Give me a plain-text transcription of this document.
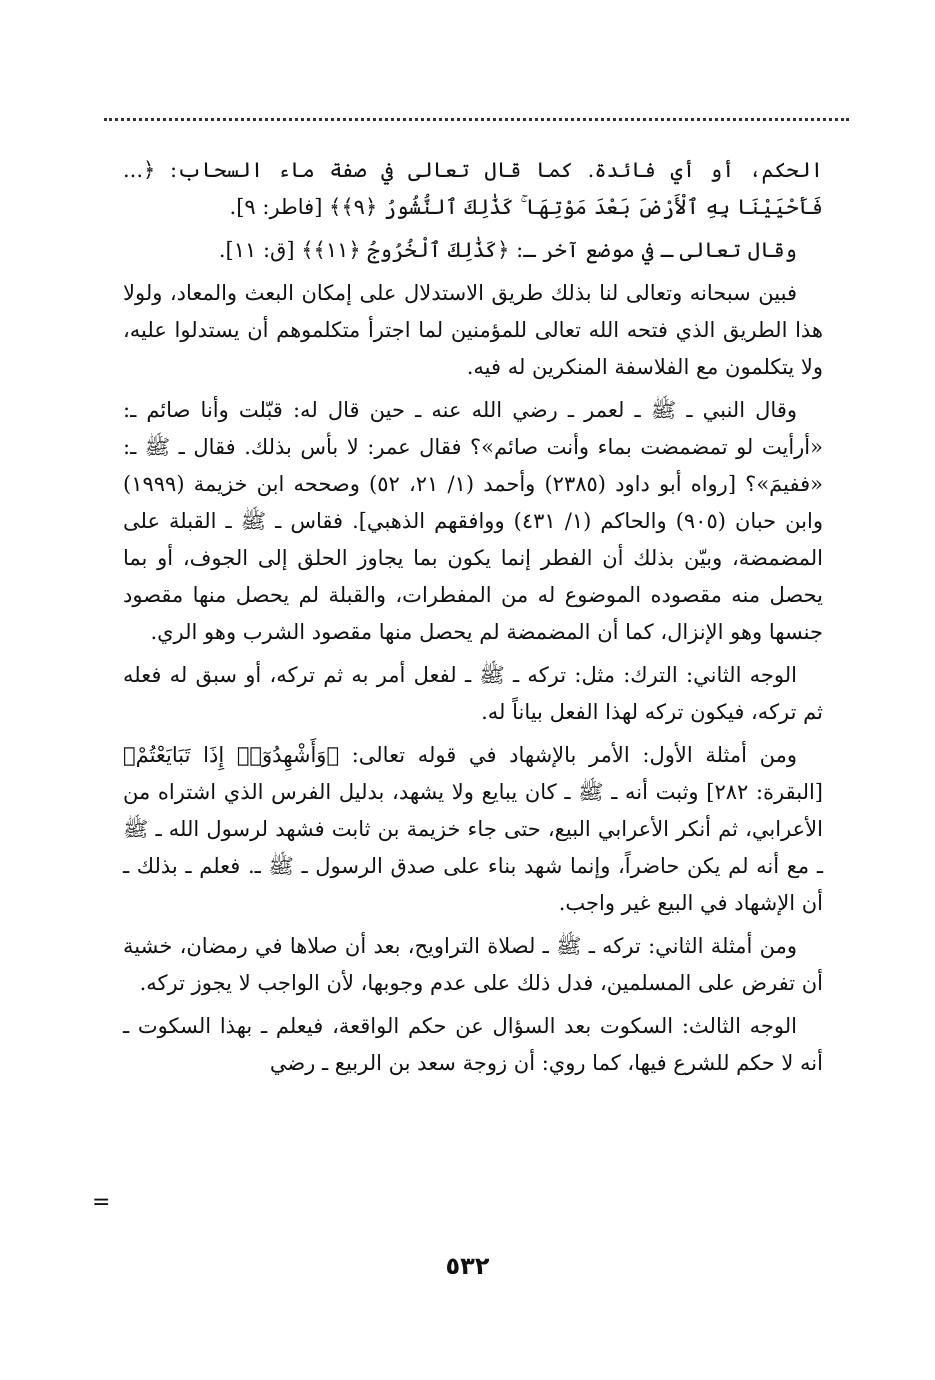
الحكم، أو أي فائدة. كما قال تعالى في صفة ماء السحاب: ﴿... فَأَحْيَيْنَا بِهِ ٱلْأَرْضَ بَعْدَ مَوْتِهَا ۚ كَذَٰلِكَ ٱلنُّشُورُ ﴿٩﴾﴾ [فاطر: ٩].

وقال تعالى ـ في موضع آخر ـ: ﴿كَذَٰلِكَ ٱلْخُرُوجُ ﴿١١﴾﴾ [ق: ١١].

فبين سبحانه وتعالى لنا بذلك طريق الاستدلال على إمكان البعث والمعاد، ولولا هذا الطريق الذي فتحه الله تعالى للمؤمنين لما اجترأ متكلموهم أن يستدلوا عليه، ولا يتكلمون مع الفلاسفة المنكرين له فيه.

وقال النبي ـ ﷺ ـ لعمر ـ رضي الله عنه ـ حين قال له: قبّلت وأنا صائم ـ: «أرأيت لو تمضمضت بماء وأنت صائم»؟ فقال عمر: لا بأس بذلك. فقال ـ ﷺ ـ: «ففيمَ»؟ [رواه أبو داود (٢٣٨٥) وأحمد (١/ ٢١، ٥٢) وصححه ابن خزيمة (١٩٩٩) وابن حبان (٩٠٥) والحاكم (١/ ٤٣١) ووافقهم الذهبي]. فقاس ـ ﷺ ـ القبلة على المضمضة، وبيّن بذلك أن الفطر إنما يكون بما يجاوز الحلق إلى الجوف، أو بما يحصل منه مقصوده الموضوع له من المفطرات، والقبلة لم يحصل منها مقصود جنسها وهو الإنزال، كما أن المضمضة لم يحصل منها مقصود الشرب وهو الري.

الوجه الثاني: الترك: مثل: تركه ـ ﷺ ـ لفعل أمر به ثم تركه، أو سبق له فعله ثم تركه، فيكون تركه لهذا الفعل بياناً له.

ومن أمثلة الأول: الأمر بالإشهاد في قوله تعالى: ﴿وَأَشْهِدُوٓا۟ إِذَا تَبَايَعْتُمْ﴾ [البقرة: ٢٨٢] وثبت أنه ـ ﷺ ـ كان يبايع ولا يشهد، بدليل الفرس الذي اشتراه من الأعرابي، ثم أنكر الأعرابي البيع، حتى جاء خزيمة بن ثابت فشهد لرسول الله ـ ﷺ ـ مع أنه لم يكن حاضراً، وإنما شهد بناء على صدق الرسول ـ ﷺ ـ. فعلم ـ بذلك ـ أن الإشهاد في البيع غير واجب.

ومن أمثلة الثاني: تركه ـ ﷺ ـ لصلاة التراويح، بعد أن صلاها في رمضان، خشية أن تفرض على المسلمين، فدل ذلك على عدم وجوبها، لأن الواجب لا يجوز تركه.

الوجه الثالث: السكوت بعد السؤال عن حكم الواقعة، فيعلم ـ بهذا السكوت ـ أنه لا حكم للشرع فيها، كما روي: أن زوجة سعد بن الربيع ـ رضي

=
٥٣٢
